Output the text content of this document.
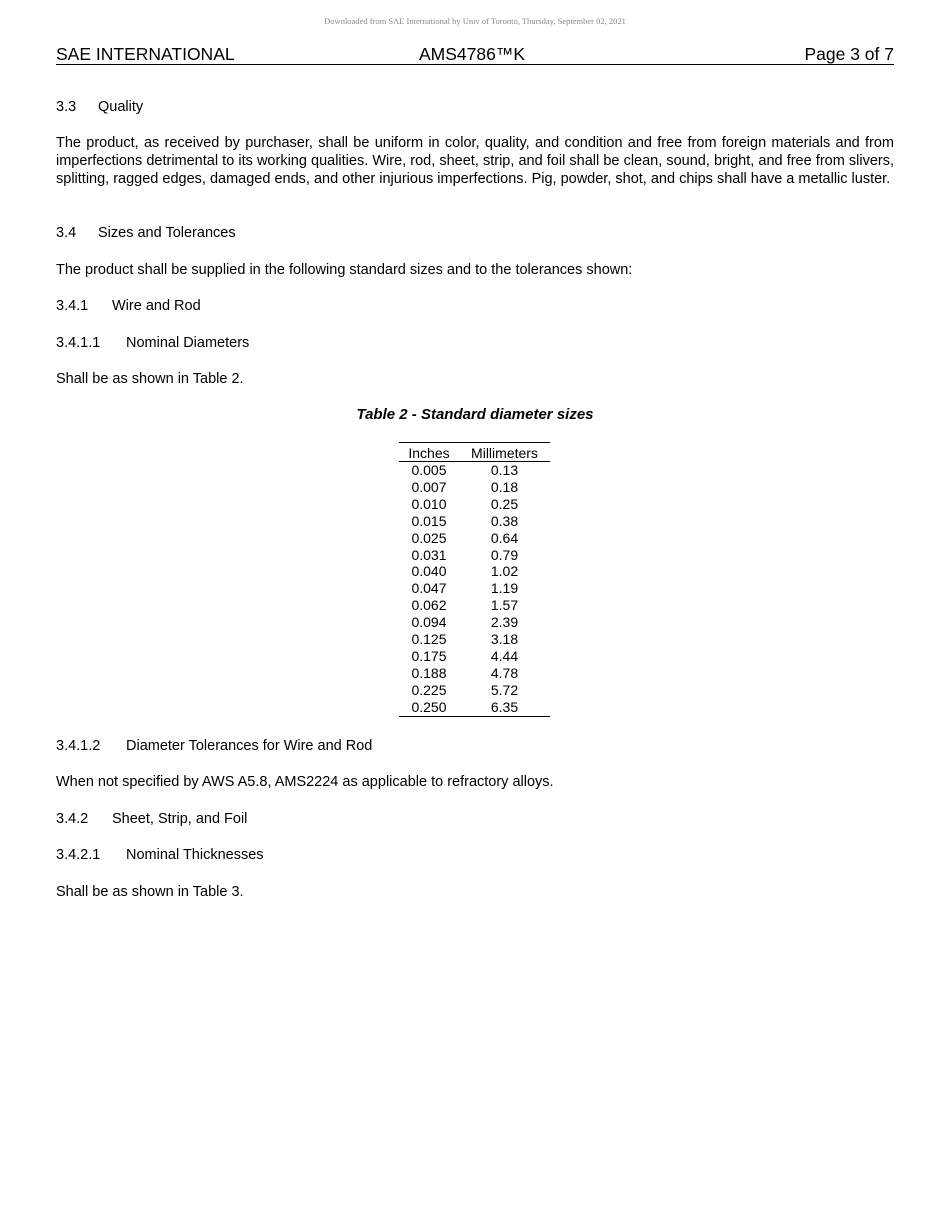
Downloaded from SAE International by Univ of Toronto, Thursday, September 02, 2021
SAE INTERNATIONAL	AMS4786™K	Page 3 of 7

3.3 Quality

The product, as received by purchaser, shall be uniform in color, quality, and condition and free from foreign materials and from imperfections detrimental to its working qualities. Wire, rod, sheet, strip, and foil shall be clean, sound, bright, and free from slivers, splitting, ragged edges, damaged ends, and other injurious imperfections. Pig, powder, shot, and chips shall have a metallic luster.

3.4 Sizes and Tolerances

The product shall be supplied in the following standard sizes and to the tolerances shown:

3.4.1 Wire and Rod

3.4.1.1 Nominal Diameters

Shall be as shown in Table 2.

Table 2 - Standard diameter sizes
Inches	Millimeters
0.005	0.13
0.007	0.18
0.010	0.25
0.015	0.38
0.025	0.64
0.031	0.79
0.040	1.02
0.047	1.19
0.062	1.57
0.094	2.39
0.125	3.18
0.175	4.44
0.188	4.78
0.225	5.72
0.250	6.35

3.4.1.2 Diameter Tolerances for Wire and Rod

When not specified by AWS A5.8, AMS2224 as applicable to refractory alloys.

3.4.2 Sheet, Strip, and Foil

3.4.2.1 Nominal Thicknesses

Shall be as shown in Table 3.
